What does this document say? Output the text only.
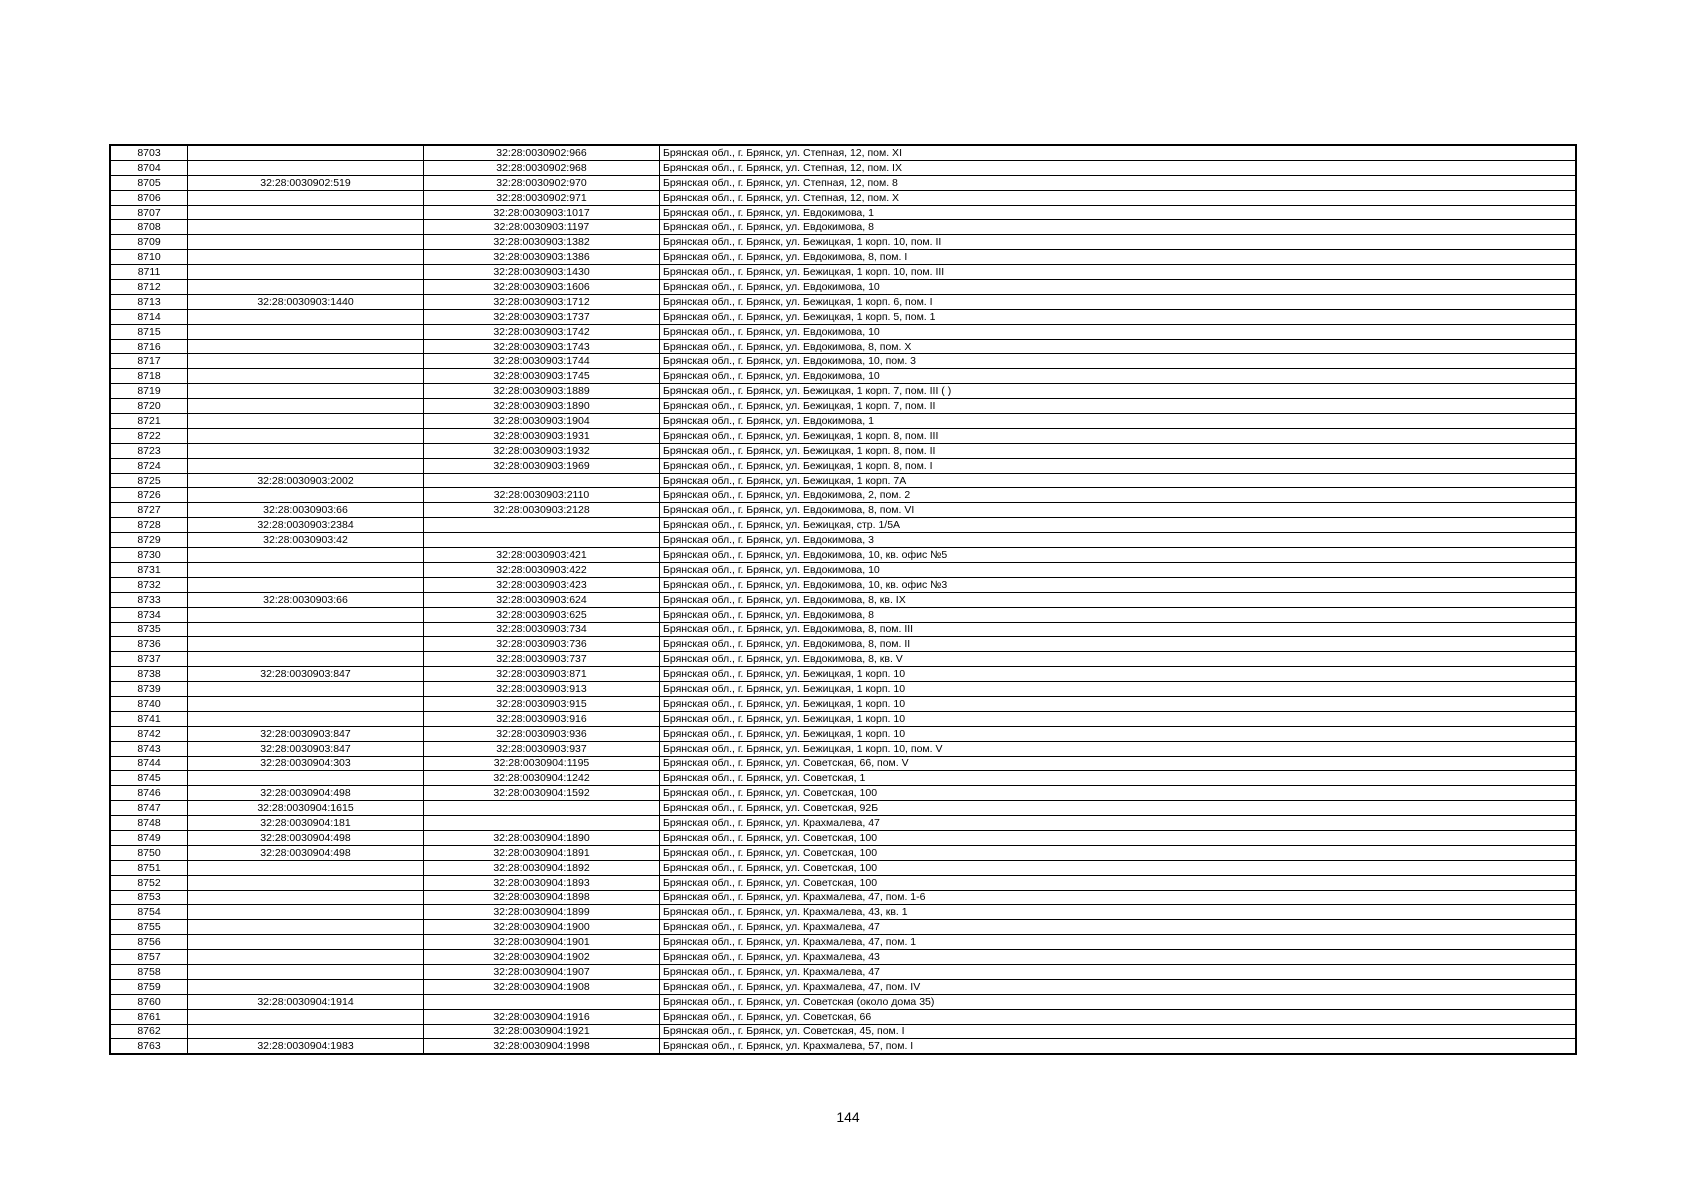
8703		32:28:0030902:966	Брянская обл., г. Брянск, ул. Степная, 12, пом. XI
8704		32:28:0030902:968	Брянская обл., г. Брянск, ул. Степная, 12, пом. IX
8705	32:28:0030902:519	32:28:0030902:970	Брянская обл., г. Брянск, ул. Степная, 12, пом. 8
8706		32:28:0030902:971	Брянская обл., г. Брянск, ул. Степная, 12, пом. X
8707		32:28:0030903:1017	Брянская обл., г. Брянск, ул. Евдокимова, 1
8708		32:28:0030903:1197	Брянская обл., г. Брянск, ул. Евдокимова, 8
8709		32:28:0030903:1382	Брянская обл., г. Брянск, ул. Бежицкая, 1 корп. 10, пом. II
8710		32:28:0030903:1386	Брянская обл., г. Брянск, ул. Евдокимова, 8, пом. I
8711		32:28:0030903:1430	Брянская обл., г. Брянск, ул. Бежицкая, 1 корп. 10, пом. III
8712		32:28:0030903:1606	Брянская обл., г. Брянск, ул. Евдокимова, 10
8713	32:28:0030903:1440	32:28:0030903:1712	Брянская обл., г. Брянск, ул. Бежицкая, 1 корп. 6, пом. I
8714		32:28:0030903:1737	Брянская обл., г. Брянск, ул. Бежицкая, 1 корп. 5, пом. 1
8715		32:28:0030903:1742	Брянская обл., г. Брянск, ул. Евдокимова, 10
8716		32:28:0030903:1743	Брянская обл., г. Брянск, ул. Евдокимова, 8, пом. X
8717		32:28:0030903:1744	Брянская обл., г. Брянск, ул. Евдокимова, 10, пом. 3
8718		32:28:0030903:1745	Брянская обл., г. Брянск, ул. Евдокимова, 10
8719		32:28:0030903:1889	Брянская обл., г. Брянск, ул. Бежицкая, 1 корп. 7, пом. III ( )
8720		32:28:0030903:1890	Брянская обл., г. Брянск, ул. Бежицкая, 1 корп. 7, пом. II
8721		32:28:0030903:1904	Брянская обл., г. Брянск, ул. Евдокимова, 1
8722		32:28:0030903:1931	Брянская обл., г. Брянск, ул. Бежицкая, 1 корп. 8, пом. III
8723		32:28:0030903:1932	Брянская обл., г. Брянск, ул. Бежицкая, 1 корп. 8, пом. II
8724		32:28:0030903:1969	Брянская обл., г. Брянск, ул. Бежицкая, 1 корп. 8, пом. I
8725	32:28:0030903:2002		Брянская обл., г. Брянск, ул. Бежицкая, 1 корп. 7А
8726		32:28:0030903:2110	Брянская обл., г. Брянск, ул. Евдокимова, 2, пом. 2
8727	32:28:0030903:66	32:28:0030903:2128	Брянская обл., г. Брянск, ул. Евдокимова, 8, пом. VI
8728	32:28:0030903:2384		Брянская обл., г. Брянск, ул. Бежицкая, стр. 1/5А
8729	32:28:0030903:42		Брянская обл., г. Брянск, ул. Евдокимова, 3
8730		32:28:0030903:421	Брянская обл., г. Брянск, ул. Евдокимова, 10, кв. офис №5
8731		32:28:0030903:422	Брянская обл., г. Брянск, ул. Евдокимова, 10
8732		32:28:0030903:423	Брянская обл., г. Брянск, ул. Евдокимова, 10, кв. офис №3
8733	32:28:0030903:66	32:28:0030903:624	Брянская обл., г. Брянск, ул. Евдокимова, 8, кв. IX
8734		32:28:0030903:625	Брянская обл., г. Брянск, ул. Евдокимова, 8
8735		32:28:0030903:734	Брянская обл., г. Брянск, ул. Евдокимова, 8, пом. III
8736		32:28:0030903:736	Брянская обл., г. Брянск, ул. Евдокимова, 8, пом. II
8737		32:28:0030903:737	Брянская обл., г. Брянск, ул. Евдокимова, 8, кв. V
8738	32:28:0030903:847	32:28:0030903:871	Брянская обл., г. Брянск, ул. Бежицкая, 1 корп. 10
8739		32:28:0030903:913	Брянская обл., г. Брянск, ул. Бежицкая, 1 корп. 10
8740		32:28:0030903:915	Брянская обл., г. Брянск, ул. Бежицкая, 1 корп. 10
8741		32:28:0030903:916	Брянская обл., г. Брянск, ул. Бежицкая, 1 корп. 10
8742	32:28:0030903:847	32:28:0030903:936	Брянская обл., г. Брянск, ул. Бежицкая, 1 корп. 10
8743	32:28:0030903:847	32:28:0030903:937	Брянская обл., г. Брянск, ул. Бежицкая, 1 корп. 10, пом. V
8744	32:28:0030904:303	32:28:0030904:1195	Брянская обл., г. Брянск, ул. Советская, 66, пом. V
8745		32:28:0030904:1242	Брянская обл., г. Брянск, ул. Советская, 1
8746	32:28:0030904:498	32:28:0030904:1592	Брянская обл., г. Брянск, ул. Советская, 100
8747	32:28:0030904:1615		Брянская обл., г. Брянск, ул. Советская, 92Б
8748	32:28:0030904:181		Брянская обл., г. Брянск, ул. Крахмалева, 47
8749	32:28:0030904:498	32:28:0030904:1890	Брянская обл., г. Брянск, ул. Советская, 100
8750	32:28:0030904:498	32:28:0030904:1891	Брянская обл., г. Брянск, ул. Советская, 100
8751		32:28:0030904:1892	Брянская обл., г. Брянск, ул. Советская, 100
8752		32:28:0030904:1893	Брянская обл., г. Брянск, ул. Советская, 100
8753		32:28:0030904:1898	Брянская обл., г. Брянск, ул. Крахмалева, 47, пом. 1-6
8754		32:28:0030904:1899	Брянская обл., г. Брянск, ул. Крахмалева, 43, кв. 1
8755		32:28:0030904:1900	Брянская обл., г. Брянск, ул. Крахмалева, 47
8756		32:28:0030904:1901	Брянская обл., г. Брянск, ул. Крахмалева, 47, пом. 1
8757		32:28:0030904:1902	Брянская обл., г. Брянск, ул. Крахмалева, 43
8758		32:28:0030904:1907	Брянская обл., г. Брянск, ул. Крахмалева, 47
8759		32:28:0030904:1908	Брянская обл., г. Брянск, ул. Крахмалева, 47, пом. IV
8760	32:28:0030904:1914		Брянская обл., г. Брянск, ул. Советская (около дома 35)
8761		32:28:0030904:1916	Брянская обл., г. Брянск, ул. Советская, 66
8762		32:28:0030904:1921	Брянская обл., г. Брянск, ул. Советская, 45, пом. I
8763	32:28:0030904:1983	32:28:0030904:1998	Брянская обл., г. Брянск, ул. Крахмалева, 57, пом. I
144
